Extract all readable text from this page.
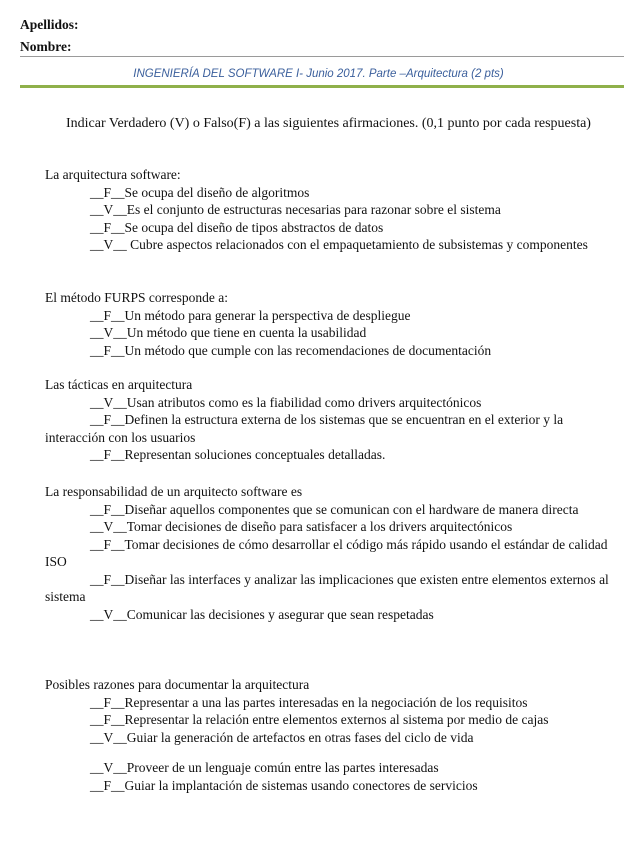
Apellidos:
Nombre:
INGENIERÍA DEL SOFTWARE I- Junio 2017. Parte –Arquitectura (2 pts)
Indicar Verdadero (V) o Falso(F) a las siguientes afirmaciones. (0,1 punto por cada respuesta)

La arquitectura software:

__F__Se ocupa del diseño de algoritmos

__V__Es el conjunto de estructuras necesarias para razonar sobre el sistema

__F__Se ocupa del diseño de tipos abstractos de datos

__V__ Cubre aspectos relacionados con el empaquetamiento de subsistemas y componentes

El método FURPS corresponde a:

__F__Un método para generar la perspectiva de despliegue

__V__Un método que tiene en cuenta la usabilidad

__F__Un método que cumple con las recomendaciones de documentación

Las tácticas en arquitectura

__V__Usan atributos como es la fiabilidad como drivers arquitectónicos

__F__Definen la estructura externa de los sistemas que se encuentran en el exterior y la interacción con los usuarios

__F__Representan soluciones conceptuales detalladas.

La responsabilidad de un arquitecto software es

__F__Diseñar aquellos componentes que se comunican con el hardware de manera directa

__V__Tomar decisiones de diseño para satisfacer a los drivers arquitectónicos

__F__Tomar decisiones de cómo desarrollar el código más rápido usando el estándar de calidad ISO

__F__Diseñar las interfaces y analizar las implicaciones que existen entre elementos externos al sistema

__V__Comunicar las decisiones y asegurar que sean respetadas

Posibles razones para documentar la arquitectura

__F__Representar a una las partes interesadas en la negociación de los requisitos

__F__Representar la relación entre elementos externos al sistema por medio de cajas

__V__Guiar la generación de artefactos en otras fases del ciclo de vida

__V__Proveer de un lenguaje común entre las partes interesadas

__F__Guiar la implantación de sistemas usando conectores de servicios
